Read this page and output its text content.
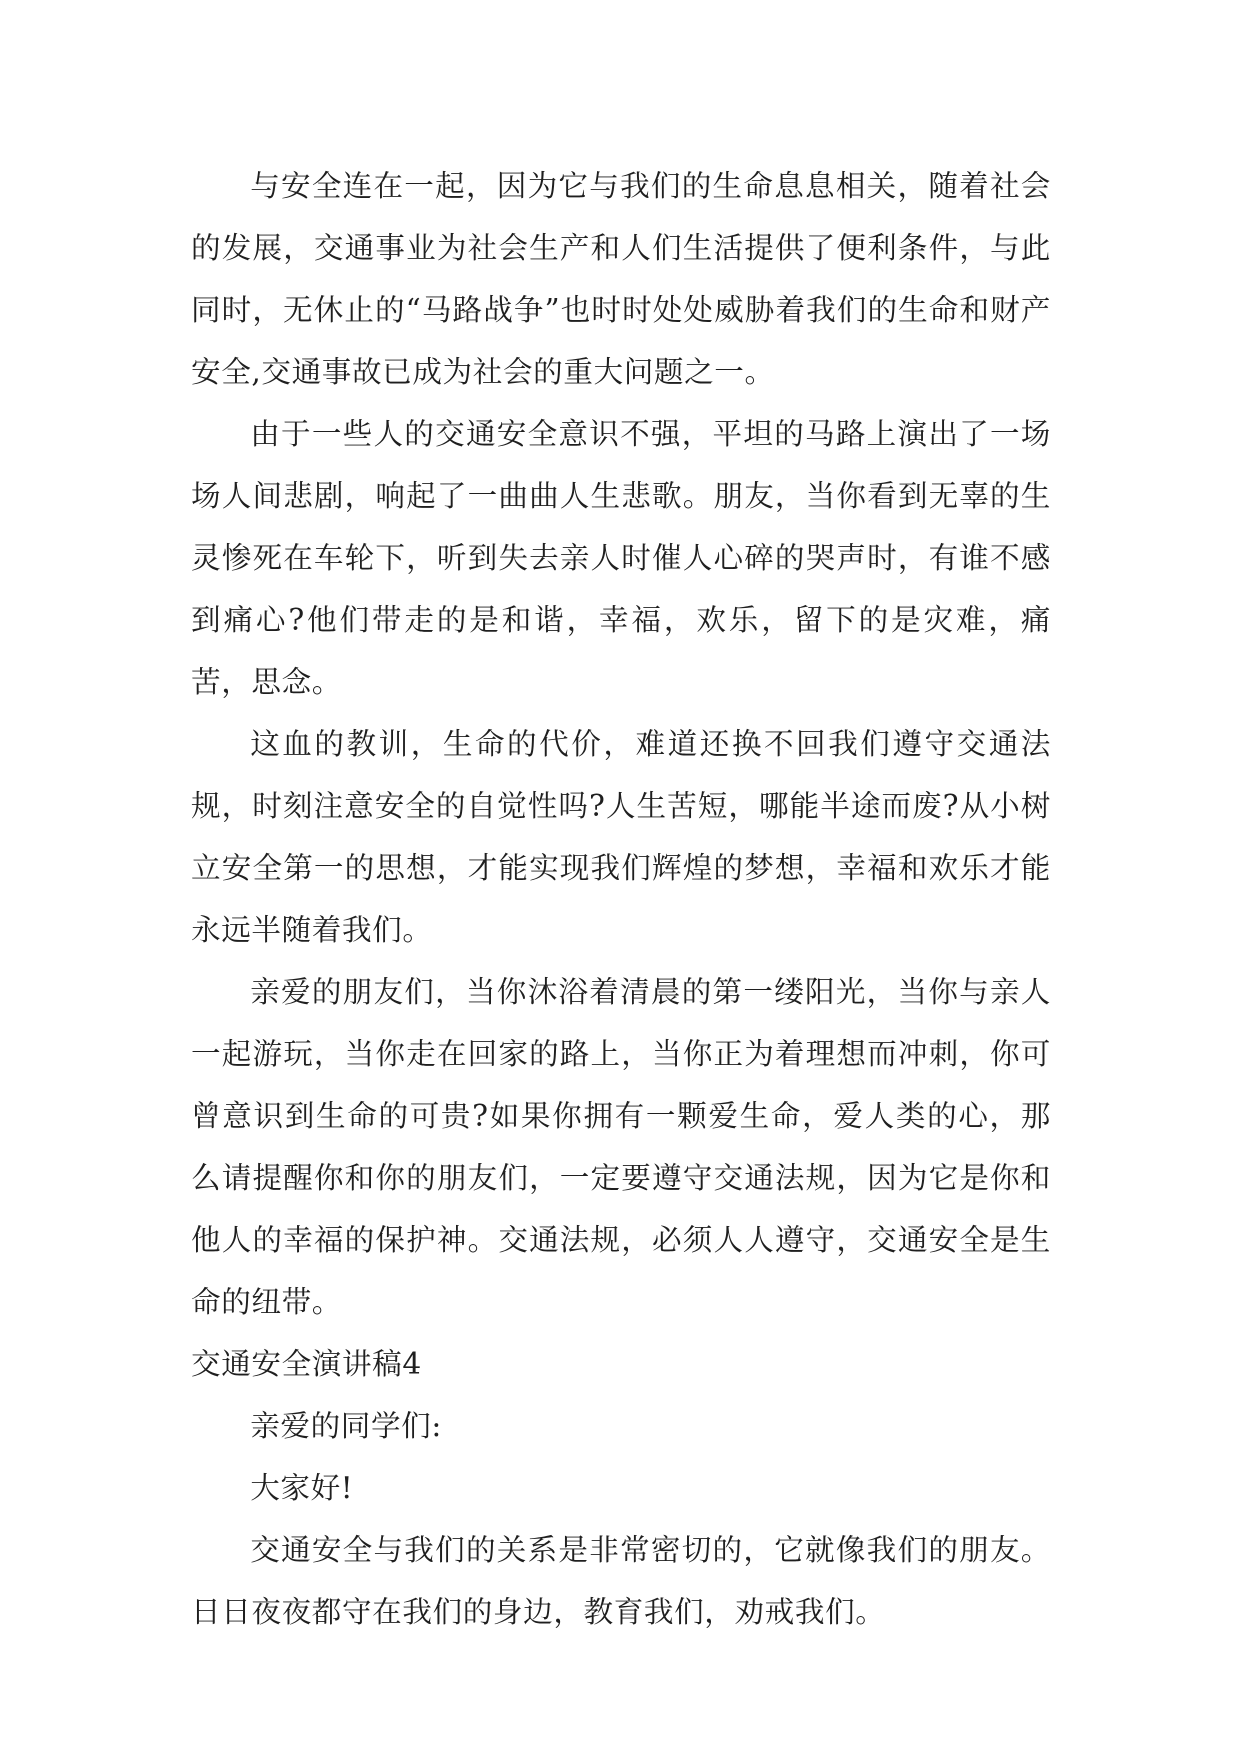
与安全连在一起，因为它与我们的生命息息相关，随着社会的发展，交通事业为社会生产和人们生活提供了便利条件，与此同时，无休止的“马路战争”也时时处处威胁着我们的生命和财产安全,交通事故已成为社会的重大问题之一。

由于一些人的交通安全意识不强，平坦的马路上演出了一场场人间悲剧，响起了一曲曲人生悲歌。朋友，当你看到无辜的生灵惨死在车轮下，听到失去亲人时催人心碎的哭声时，有谁不感到痛心?他们带走的是和谐，幸福，欢乐，留下的是灾难，痛苦，思念。

这血的教训，生命的代价，难道还换不回我们遵守交通法规，时刻注意安全的自觉性吗?人生苦短，哪能半途而废?从小树立安全第一的思想，才能实现我们辉煌的梦想，幸福和欢乐才能永远半随着我们。

亲爱的朋友们，当你沐浴着清晨的第一缕阳光，当你与亲人一起游玩，当你走在回家的路上，当你正为着理想而冲刺，你可曾意识到生命的可贵?如果你拥有一颗爱生命，爱人类的心，那么请提醒你和你的朋友们，一定要遵守交通法规，因为它是你和他人的幸福的保护神。交通法规，必须人人遵守，交通安全是生命的纽带。

交通安全演讲稿4

亲爱的同学们:

大家好!

交通安全与我们的关系是非常密切的，它就像我们的朋友。日日夜夜都守在我们的身边，教育我们，劝戒我们。
